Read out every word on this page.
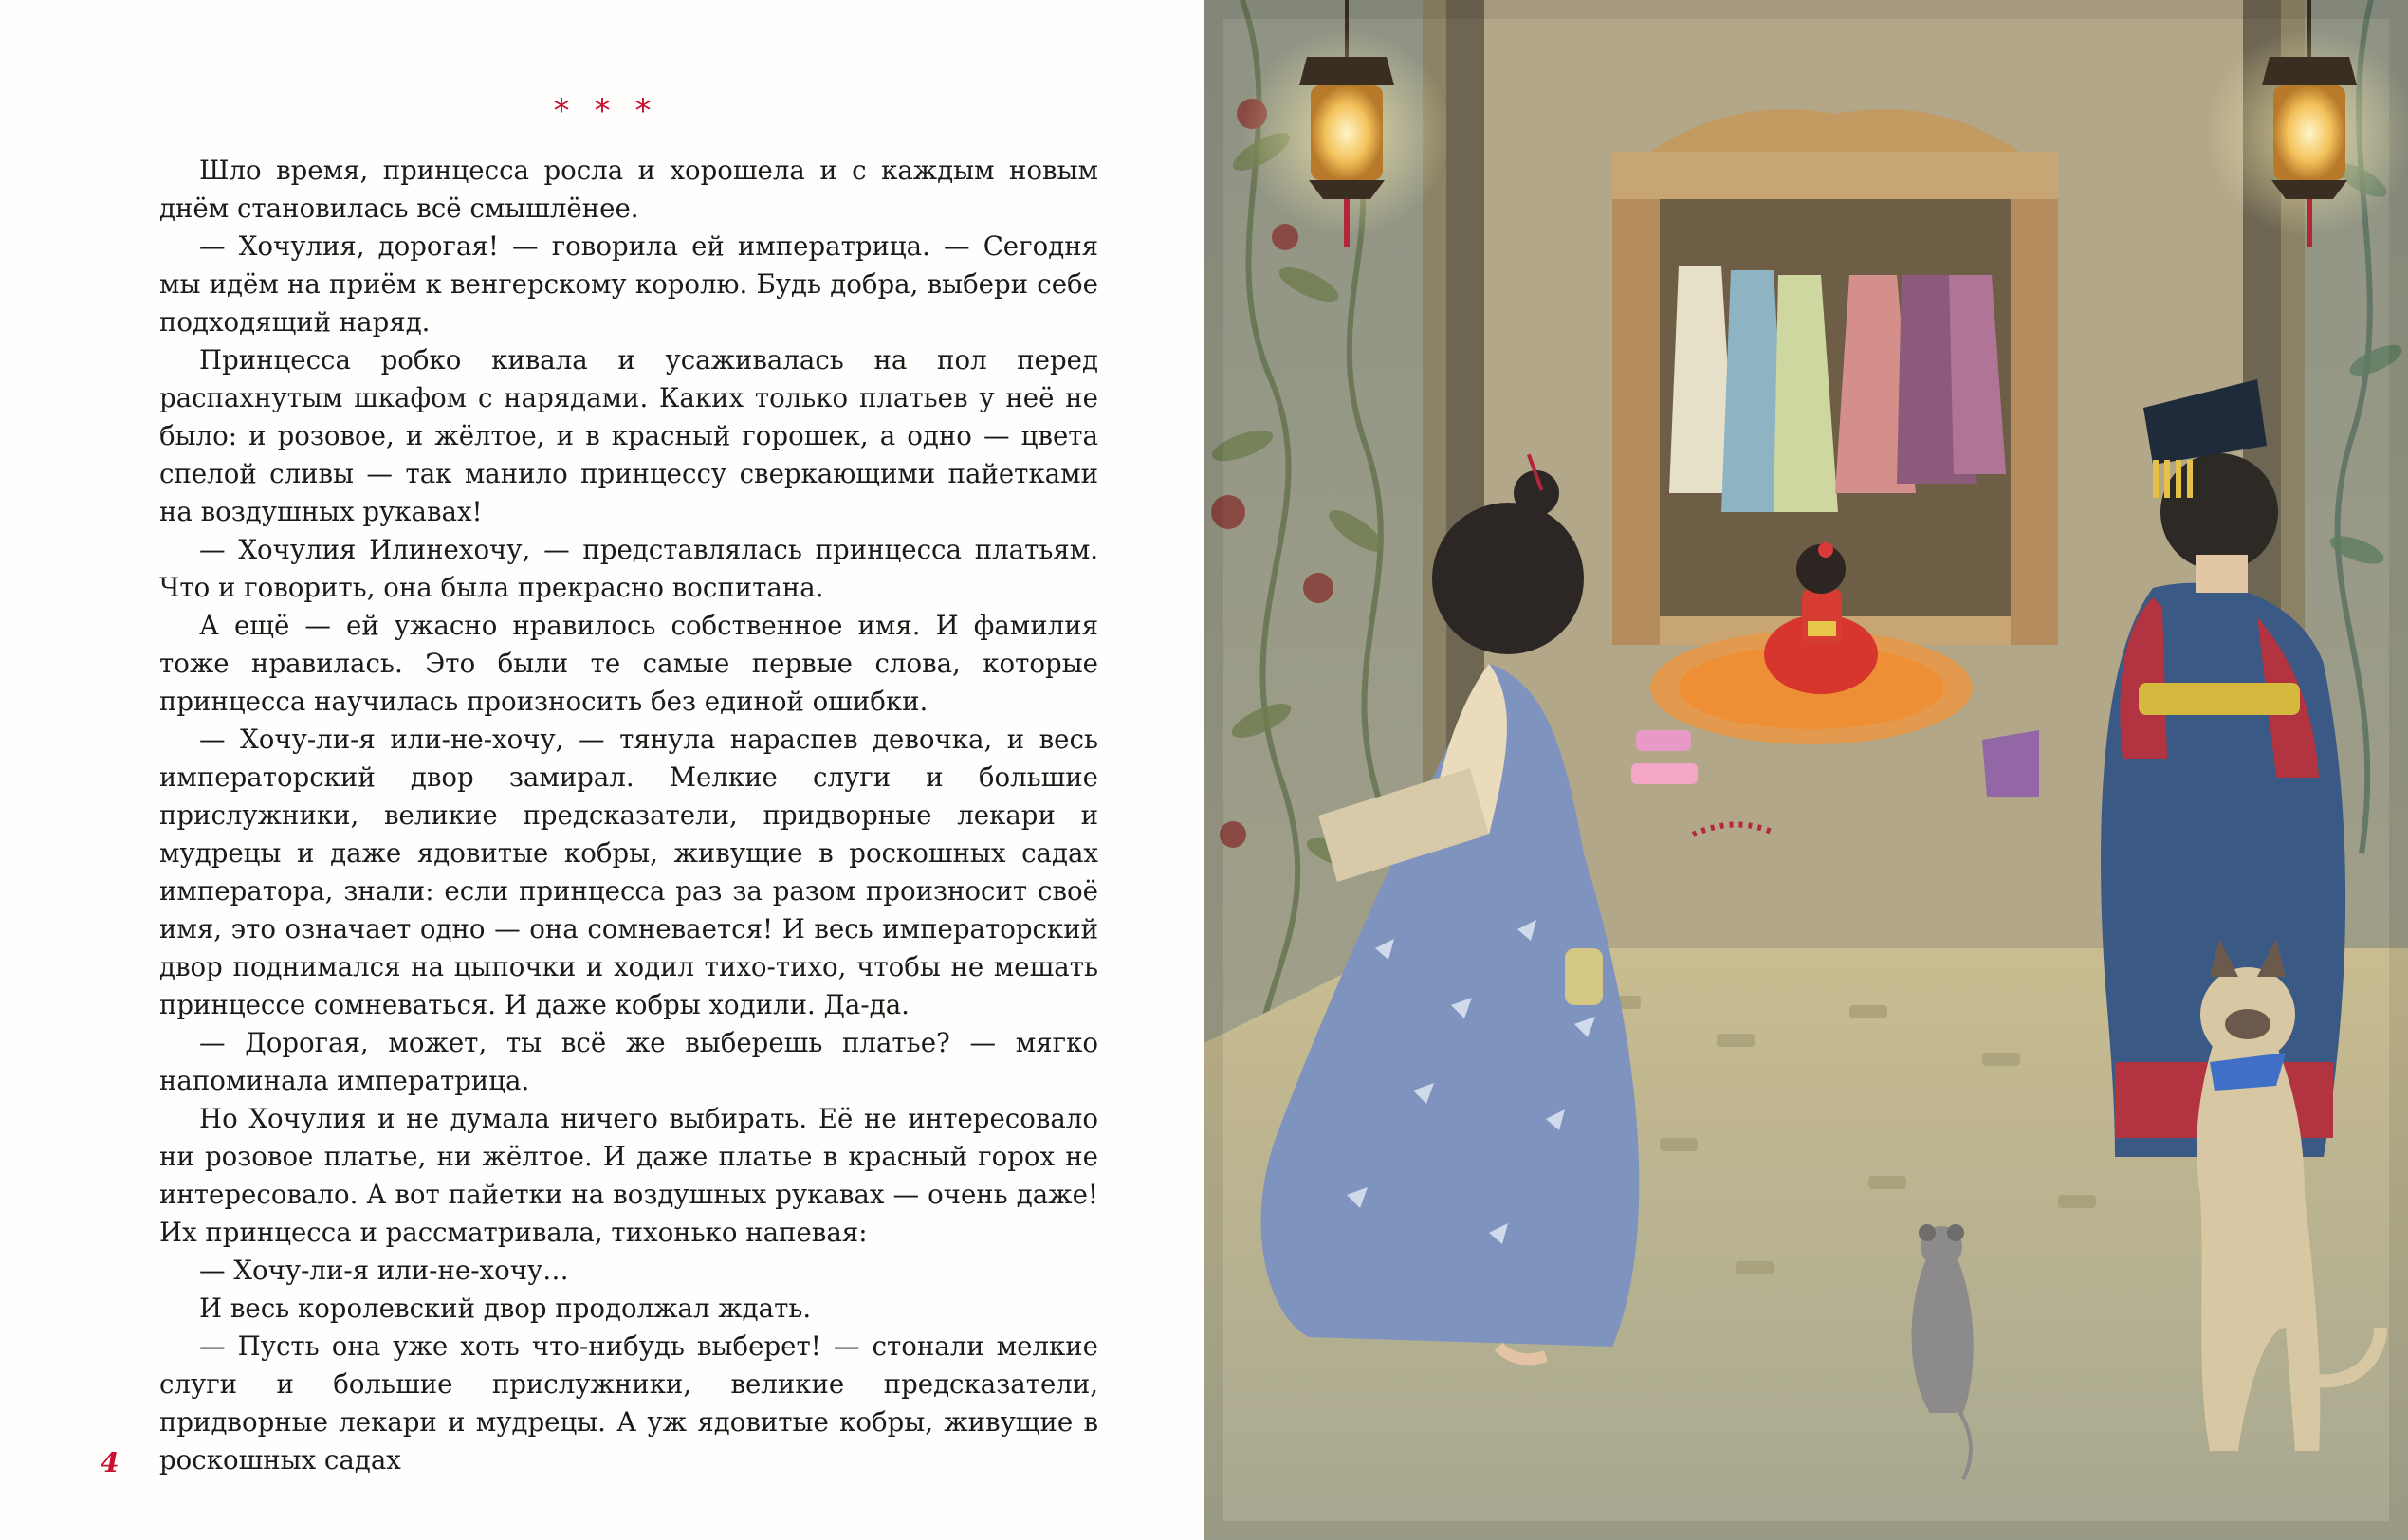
* * *

Шло время, принцесса росла и хорошела и с каждым новым днём становилась всё смышлёнее.

— Хочулия, дорогая! — говорила ей императрица. — Сегодня мы идём на приём к венгерскому королю. Будь добра, выбери себе подходящий наряд.

Принцесса робко кивала и усаживалась на пол перед распахнутым шкафом с нарядами. Каких только платьев у неё не было: и розовое, и жёлтое, и в красный горошек, а одно — цвета спелой сливы — так манило принцессу сверкающими пайетками на воздушных рукавах!

— Хочулия Илинехочу, — представлялась принцесса платьям. Что и говорить, она была прекрасно воспитана.

А ещё — ей ужасно нравилось собственное имя. И фамилия тоже нравилась. Это были те самые первые слова, которые принцесса научилась произносить без единой ошибки.

— Хочу-ли-я или-не-хочу, — тянула нараспев девочка, и весь императорский двор замирал. Мелкие слуги и большие прислужники, великие предсказатели, придворные лекари и мудрецы и даже ядовитые кобры, живущие в роскошных садах императора, знали: если принцесса раз за разом произносит своё имя, это означает одно — она сомневается! И весь императорский двор поднимался на цыпочки и ходил тихо-тихо, чтобы не мешать принцессе сомневаться. И даже кобры ходили. Да-да.

— Дорогая, может, ты всё же выберешь платье? — мягко напоминала императрица.

Но Хочулия и не думала ничего выбирать. Её не интересовало ни розовое платье, ни жёлтое. И даже платье в красный горох не интересовало. А вот пайетки на воздушных рукавах — очень даже! Их принцесса и рассматривала, тихонько напевая:

— Хочу-ли-я или-не-хочу…

И весь королевский двор продолжал ждать.

— Пусть она уже хоть что-нибудь выберет! — стонали мелкие слуги и большие прислужники, великие предсказатели, придворные лекари и мудрецы. А уж ядовитые кобры, живущие в роскошных садах

4
